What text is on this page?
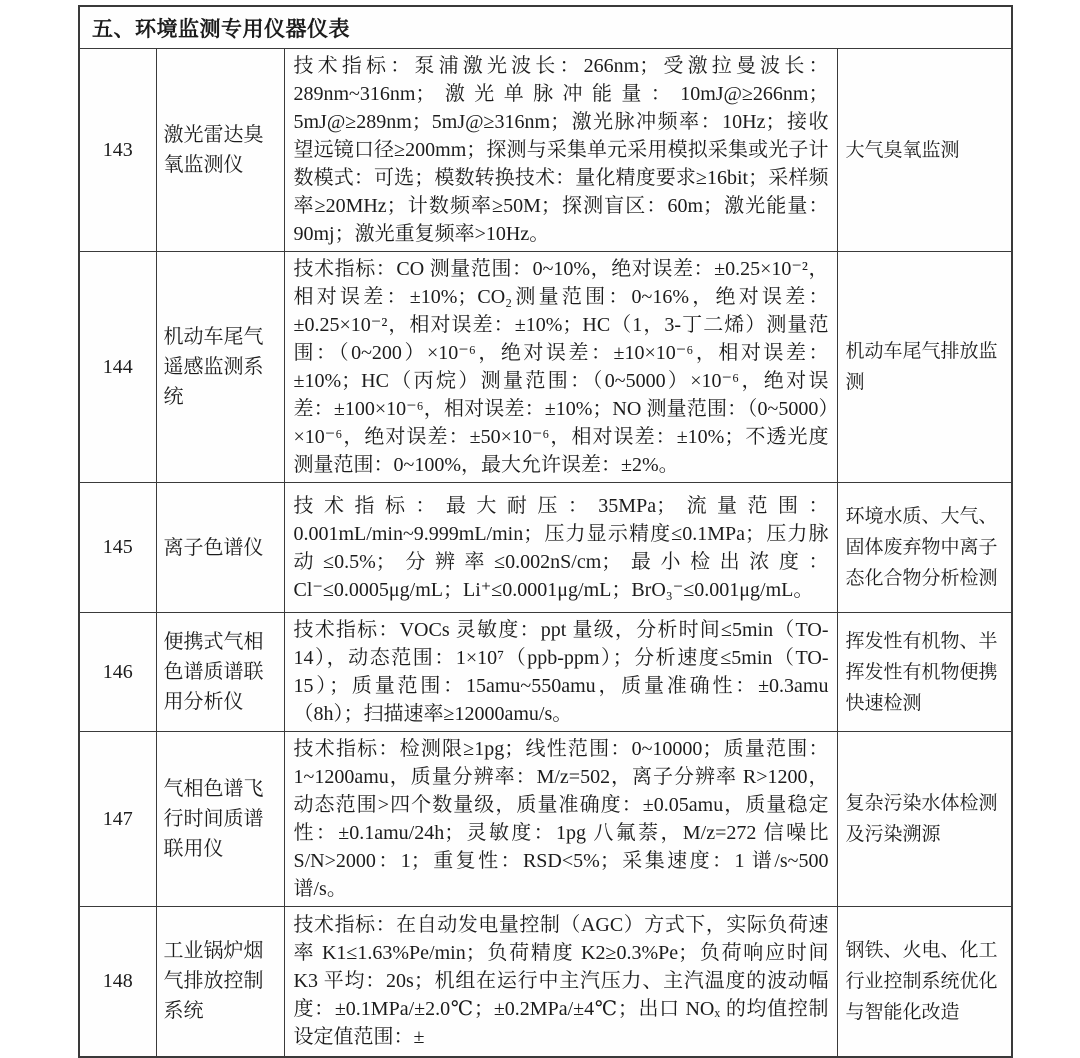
五、环境监测专用仪器仪表			
143	激光雷达臭氧监测仪	技术指标：泵浦激光波长：266nm；受激拉曼波长：289nm~316nm；激光单脉冲能量：10mJ@≥266nm；5mJ@≥289nm；5mJ@≥316nm；激光脉冲频率：10Hz；接收望远镜口径≥200mm；探测与采集单元采用模拟采集或光子计数模式：可选；模数转换技术：量化精度要求≥16bit；采样频率≥20MHz；计数频率≥50M；探测盲区：60m；激光能量：90mj；激光重复频率>10Hz。	大气臭氧监测
144	机动车尾气遥感监测系统	技术指标：CO 测量范围：0~10%，绝对误差：±0.25×10⁻²，相对误差：±10%；CO₂测量范围：0~16%，绝对误差：±0.25×10⁻²，相对误差：±10%；HC（1，3-丁二烯）测量范围：（0~200）×10⁻⁶，绝对误差：±10×10⁻⁶，相对误差：±10%；HC（丙烷）测量范围：（0~5000）×10⁻⁶，绝对误差：±100×10⁻⁶，相对误差：±10%；NO 测量范围：（0~5000）×10⁻⁶，绝对误差：±50×10⁻⁶，相对误差：±10%；不透光度测量范围：0~100%，最大允许误差：±2%。	机动车尾气排放监测
145	离子色谱仪	技术指标：最大耐压：35MPa；流量范围：0.001mL/min~9.999mL/min；压力显示精度≤0.1MPa；压力脉动≤0.5%；分辨率≤0.002nS/cm；最小检出浓度：Cl⁻≤0.0005μg/mL；Li⁺≤0.0001μg/mL；BrO₃⁻≤0.001μg/mL。	环境水质、大气、固体废弃物中离子态化合物分析检测
146	便携式气相色谱质谱联用分析仪	技术指标：VOCs 灵敏度：ppt 量级，分析时间≤5min（TO-14），动态范围：1×10⁷（ppb-ppm）；分析速度≤5min（TO-15）；质量范围：15amu~550amu，质量准确性：±0.3amu（8h）；扫描速率≥12000amu/s。	挥发性有机物、半挥发性有机物便携快速检测
147	气相色谱飞行时间质谱联用仪	技术指标：检测限≥1pg；线性范围：0~10000；质量范围：1~1200amu，质量分辨率：M/z=502，离子分辨率 R>1200，动态范围>四个数量级，质量准确度：±0.05amu，质量稳定性：±0.1amu/24h；灵敏度：1pg 八氟萘，M/z=272 信噪比 S/N>2000：1；重复性：RSD<5%；采集速度：1 谱/s~500 谱/s。	复杂污染水体检测及污染溯源
148	工业锅炉烟气排放控制系统	技术指标：在自动发电量控制（AGC）方式下，实际负荷速率 K1≤1.63%Pe/min；负荷精度 K2≥0.3%Pe；负荷响应时间 K3 平均：20s；机组在运行中主汽压力、主汽温度的波动幅度：±0.1MPa/±2.0℃；±0.2MPa/±4℃；出口 NOₓ 的均值控制设定值范围：±	钢铁、火电、化工行业控制系统优化与智能化改造
